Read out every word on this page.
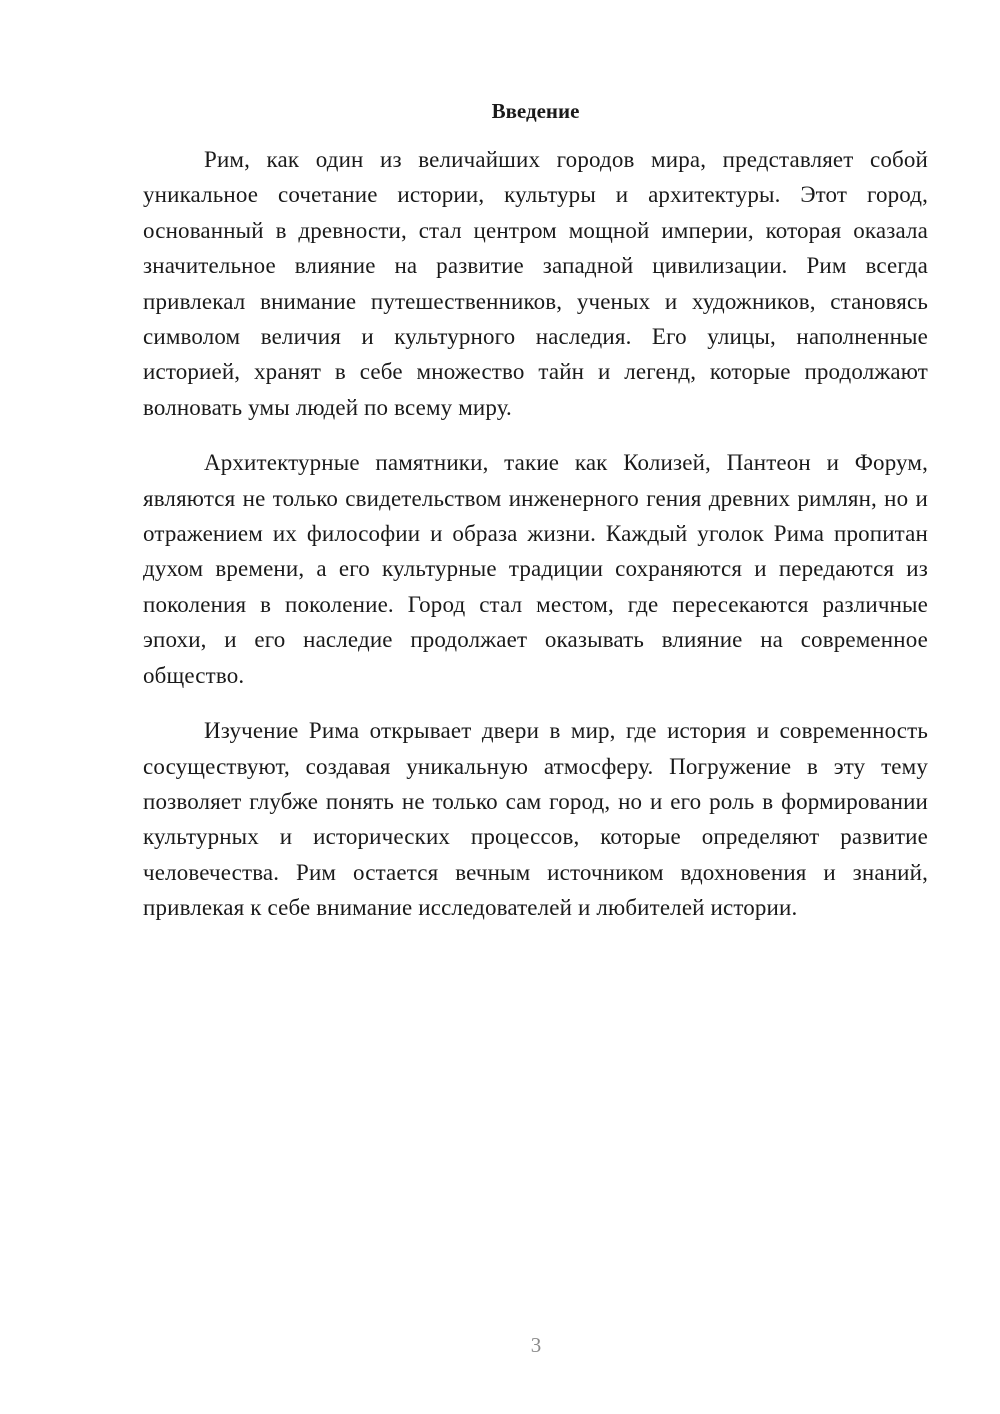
Введение

Рим, как один из величайших городов мира, представляет собой уникальное сочетание истории, культуры и архитектуры. Этот город, основанный в древности, стал центром мощной империи, которая оказала значительное влияние на развитие западной цивилизации. Рим всегда привлекал внимание путешественников, ученых и художников, становясь символом величия и культурного наследия. Его улицы, наполненные историей, хранят в себе множество тайн и легенд, которые продолжают волновать умы людей по всему миру.

Архитектурные памятники, такие как Колизей, Пантеон и Форум, являются не только свидетельством инженерного гения древних римлян, но и отражением их философии и образа жизни. Каждый уголок Рима пропитан духом времени, а его культурные традиции сохраняются и передаются из поколения в поколение. Город стал местом, где пересекаются различные эпохи, и его наследие продолжает оказывать влияние на современное общество.

Изучение Рима открывает двери в мир, где история и современность сосуществуют, создавая уникальную атмосферу. Погружение в эту тему позволяет глубже понять не только сам город, но и его роль в формировании культурных и исторических процессов, которые определяют развитие человечества. Рим остается вечным источником вдохновения и знаний, привлекая к себе внимание исследователей и любителей истории.

3
